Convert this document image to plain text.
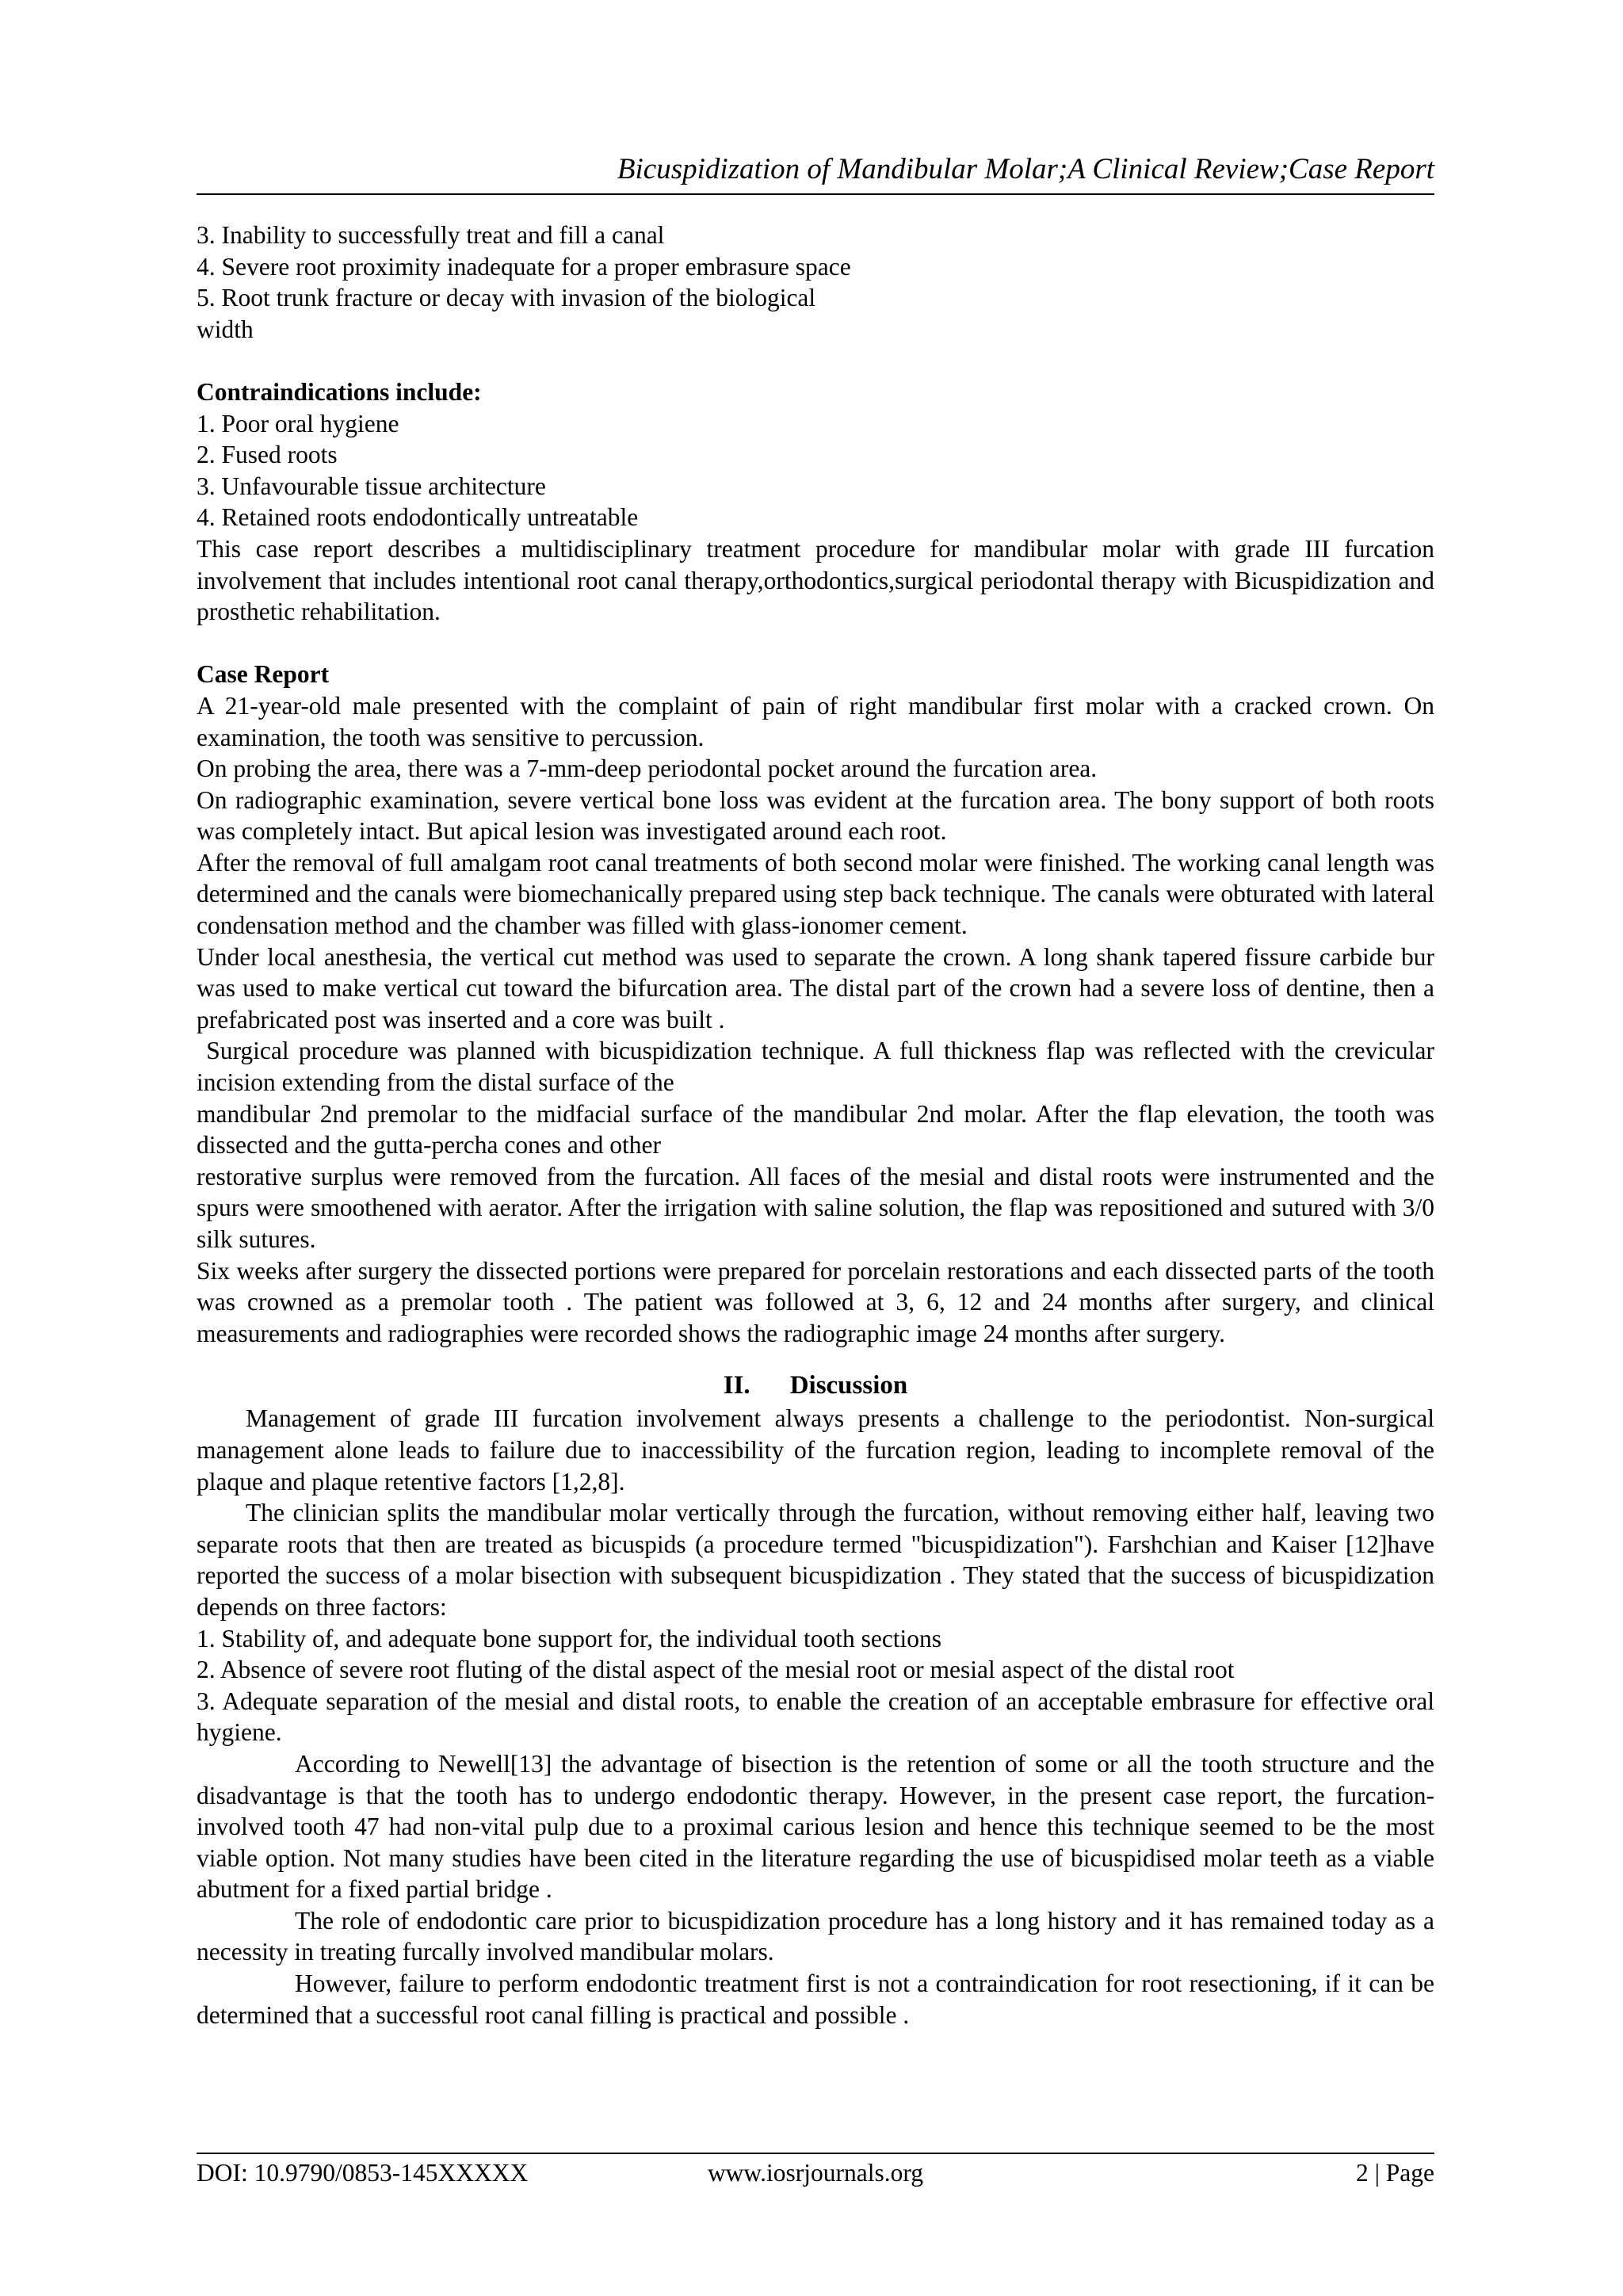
Bicuspidization of Mandibular Molar;A Clinical Review;Case Report

3. Inability to successfully treat and fill a canal

4. Severe root proximity inadequate for a proper embrasure space

5. Root trunk fracture or decay with invasion of the biological

width

Contraindications include:

1. Poor oral hygiene

2. Fused roots

3. Unfavourable tissue architecture

4. Retained roots endodontically untreatable

This case report describes a multidisciplinary treatment procedure for mandibular molar with grade III furcation involvement that includes intentional root canal therapy,orthodontics,surgical periodontal therapy with Bicuspidization and prosthetic rehabilitation.

Case Report

A 21-year-old male presented with the complaint of pain of right mandibular first molar with a cracked crown. On examination, the tooth was sensitive to percussion.

On probing the area, there was a 7-mm-deep periodontal pocket around the furcation area.

On radiographic examination, severe vertical bone loss was evident at the furcation area. The bony support of both roots was completely intact. But apical lesion was investigated around each root.

After the removal of full amalgam root canal treatments of both second molar were finished. The working canal length was determined and the canals were biomechanically prepared using step back technique. The canals were obturated with lateral condensation method and the chamber was filled with glass-ionomer cement.

Under local anesthesia, the vertical cut method was used to separate the crown. A long shank tapered fissure carbide bur was used to make vertical cut toward the bifurcation area. The distal part of the crown had a severe loss of dentine, then a prefabricated post was inserted and a core was built .

Surgical procedure was planned with bicuspidization technique. A full thickness flap was reflected with the crevicular incision extending from the distal surface of the

mandibular 2nd premolar to the midfacial surface of the mandibular 2nd molar. After the flap elevation, the tooth was dissected and the gutta-percha cones and other

restorative surplus were removed from the furcation. All faces of the mesial and distal roots were instrumented and the spurs were smoothened with aerator. After the irrigation with saline solution, the flap was repositioned and sutured with 3/0 silk sutures.

Six weeks after surgery the dissected portions were prepared for porcelain restorations and each dissected parts of the tooth was crowned as a premolar tooth . The patient was followed at 3, 6, 12 and 24 months after surgery, and clinical measurements and radiographies were recorded shows the radiographic image 24 months after surgery.

II. Discussion

Management of grade III furcation involvement always presents a challenge to the periodontist. Non-surgical management alone leads to failure due to inaccessibility of the furcation region, leading to incomplete removal of the plaque and plaque retentive factors [1,2,8].

The clinician splits the mandibular molar vertically through the furcation, without removing either half, leaving two separate roots that then are treated as bicuspids (a procedure termed "bicuspidization"). Farshchian and Kaiser [12]have reported the success of a molar bisection with subsequent bicuspidization . They stated that the success of bicuspidization depends on three factors:

1. Stability of, and adequate bone support for, the individual tooth sections

2. Absence of severe root fluting of the distal aspect of the mesial root or mesial aspect of the distal root

3. Adequate separation of the mesial and distal roots, to enable the creation of an acceptable embrasure for effective oral hygiene.

According to Newell[13] the advantage of bisection is the retention of some or all the tooth structure and the disadvantage is that the tooth has to undergo endodontic therapy. However, in the present case report, the furcation-involved tooth 47 had non-vital pulp due to a proximal carious lesion and hence this technique seemed to be the most viable option. Not many studies have been cited in the literature regarding the use of bicuspidised molar teeth as a viable abutment for a fixed partial bridge .

The role of endodontic care prior to bicuspidization procedure has a long history and it has remained today as a necessity in treating furcally involved mandibular molars.

However, failure to perform endodontic treatment first is not a contraindication for root resectioning, if it can be determined that a successful root canal filling is practical and possible .

DOI: 10.9790/0853-145XXXXX	www.iosrjournals.org	2 | Page
